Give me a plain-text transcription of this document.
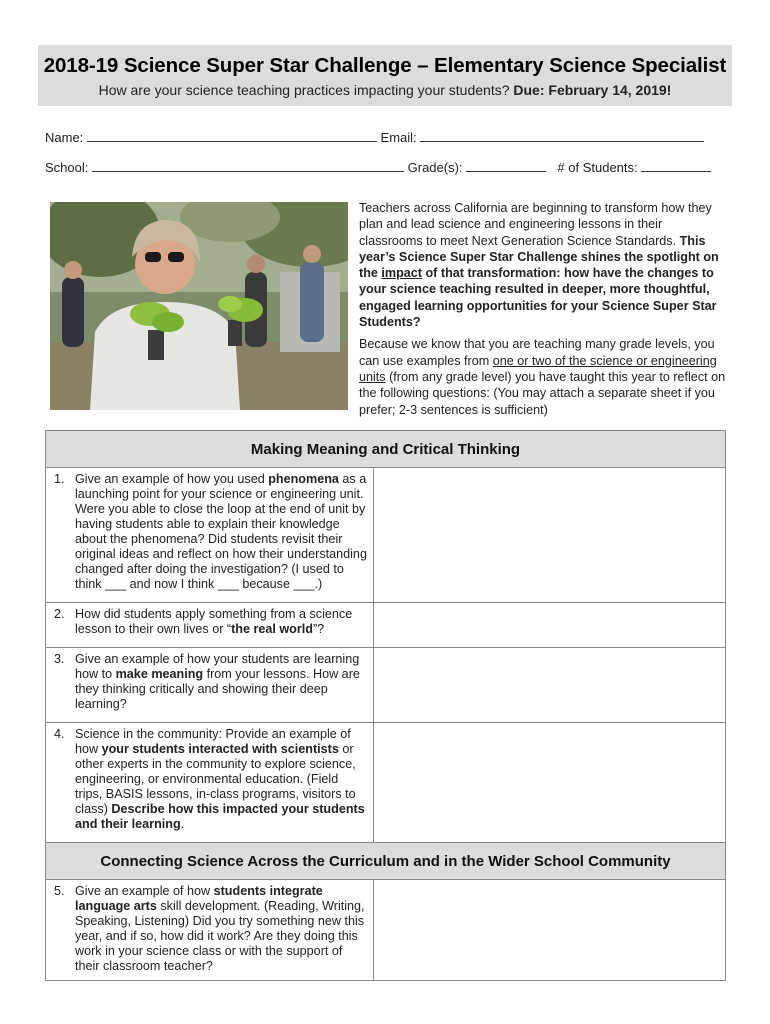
2018-19 Science Super Star Challenge – Elementary Science Specialist
How are your science teaching practices impacting your students? Due: February 14, 2019!
Name:	Email:
School:	Grade(s):	# of Students:

Teachers across California are beginning to transform how they plan and lead science and engineering lessons in their classrooms to meet Next Generation Science Standards. This year’s Science Super Star Challenge shines the spotlight on the impact of that transformation: how have the changes to your science teaching resulted in deeper, more thoughtful, engaged learning opportunities for your Science Super Star Students?

Because we know that you are teaching many grade levels, you can use examples from one or two of the science or engineering units (from any grade level) you have taught this year to reflect on the following questions: (You may attach a separate sheet if you prefer; 2-3 sentences is sufficient)

Making Meaning and Critical Thinking	

1. Give an example of how you used phenomena as a launching point for your science or engineering unit. Were you able to close the loop at the end of unit by having students able to explain their knowledge about the phenomena? Did students revisit their original ideas and reflect on how their understanding changed after doing the investigation? (I used to think ___ and now I think ___ because ___.)	

2. How did students apply something from a science lesson to their own lives or “the real world”?	

3. Give an example of how your students are learning how to make meaning from your lessons. How are they thinking critically and showing their deep learning?	

4. Science in the community: Provide an example of how your students interacted with scientists or other experts in the community to explore science, engineering, or environmental education. (Field trips, BASIS lessons, in-class programs, visitors to class) Describe how this impacted your students and their learning.	

Connecting Science Across the Curriculum and in the Wider School Community	

5. Give an example of how students integrate language arts skill development. (Reading, Writing, Speaking, Listening) Did you try something new this year, and if so, how did it work? Are they doing this work in your science class or with the support of their classroom teacher?	
